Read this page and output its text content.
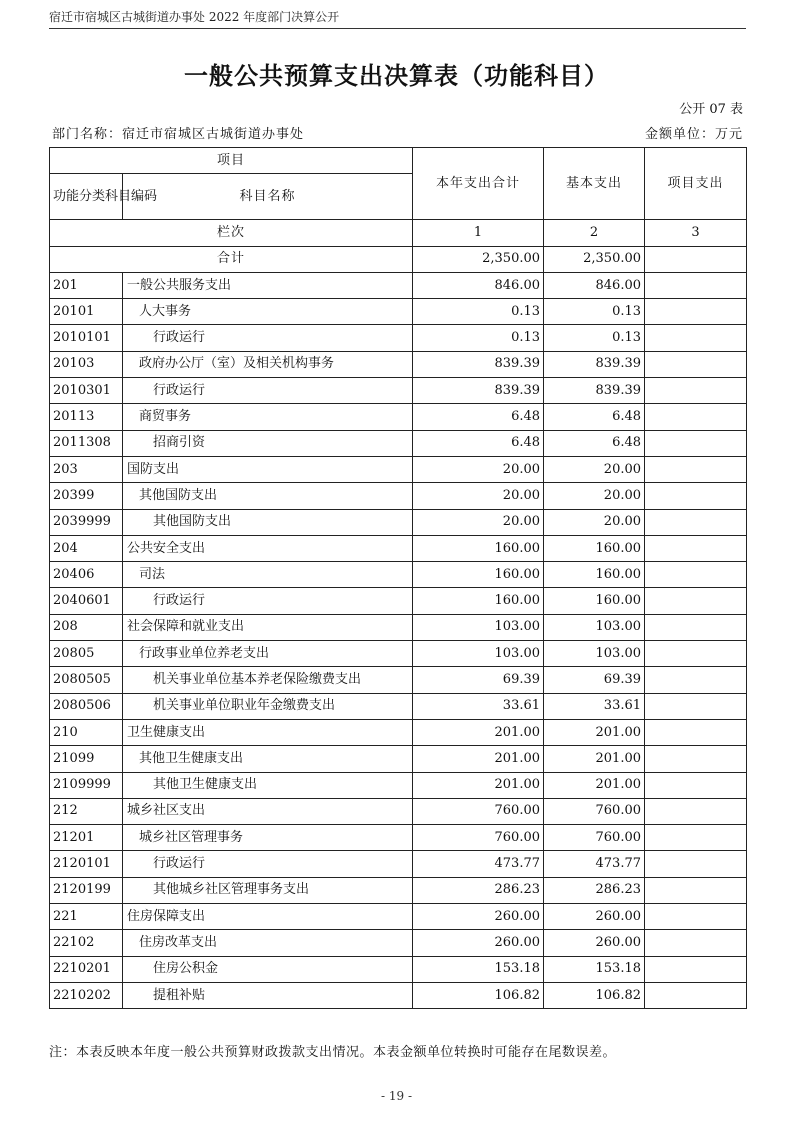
宿迁市宿城区古城街道办事处 2022 年度部门决算公开
一般公共预算支出决算表（功能科目）
公开 07 表
部门名称：宿迁市宿城区古城街道办事处	金额单位：万元
项目		本年支出合计	基本支出	项目支出
功能分类科目编码	科目名称			
栏次		1	2	3
合计		2,350.00	2,350.00	
201	一般公共服务支出	846.00	846.00	
20101	人大事务	0.13	0.13	
2010101	行政运行	0.13	0.13	
20103	政府办公厅（室）及相关机构事务	839.39	839.39	
2010301	行政运行	839.39	839.39	
20113	商贸事务	6.48	6.48	
2011308	招商引资	6.48	6.48	
203	国防支出	20.00	20.00	
20399	其他国防支出	20.00	20.00	
2039999	其他国防支出	20.00	20.00	
204	公共安全支出	160.00	160.00	
20406	司法	160.00	160.00	
2040601	行政运行	160.00	160.00	
208	社会保障和就业支出	103.00	103.00	
20805	行政事业单位养老支出	103.00	103.00	
2080505	机关事业单位基本养老保险缴费支出	69.39	69.39	
2080506	机关事业单位职业年金缴费支出	33.61	33.61	
210	卫生健康支出	201.00	201.00	
21099	其他卫生健康支出	201.00	201.00	
2109999	其他卫生健康支出	201.00	201.00	
212	城乡社区支出	760.00	760.00	
21201	城乡社区管理事务	760.00	760.00	
2120101	行政运行	473.77	473.77	
2120199	其他城乡社区管理事务支出	286.23	286.23	
221	住房保障支出	260.00	260.00	
22102	住房改革支出	260.00	260.00	
2210201	住房公积金	153.18	153.18	
2210202	提租补贴	106.82	106.82	
注：本表反映本年度一般公共预算财政拨款支出情况。本表金额单位转换时可能存在尾数误差。
- 19 -
